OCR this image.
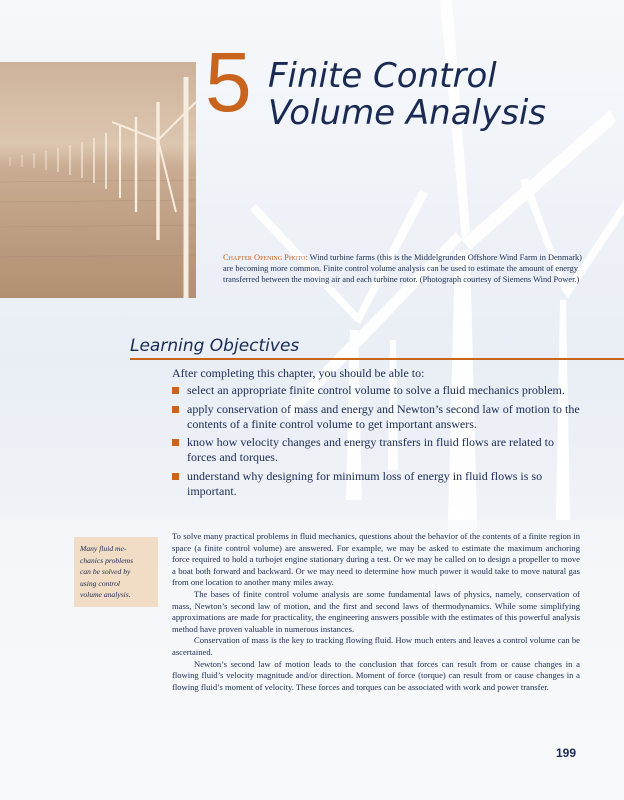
5 Finite Control
Volume Analysis
Chapter Opening Photo: Wind turbine farms (this is the Middelgrunden Offshore Wind Farm in Denmark) are becoming more common. Finite control volume analysis can be used to estimate the amount of energy transferred between the moving air and each turbine rotor. (Photograph courtesy of Siemens Wind Power.)
Learning Objectives
After completing this chapter, you should be able to:
select an appropriate finite control volume to solve a fluid mechanics problem.
apply conservation of mass and energy and Newton’s second law of motion to the contents of a finite control volume to get important answers.
know how velocity changes and energy transfers in fluid flows are related to forces and torques.
understand why designing for minimum loss of energy in fluid flows is so important.
Many fluid me-
chanics problems
can be solved by
using control
volume analysis.

To solve many practical problems in fluid mechanics, questions about the behavior of the contents of a finite region in space (a finite control volume) are answered. For example, we may be asked to estimate the maximum anchoring force required to hold a turbojet engine stationary during a test. Or we may be called on to design a propeller to move a boat both forward and backward. Or we may need to determine how much power it would take to move natural gas from one location to another many miles away.

The bases of finite control volume analysis are some fundamental laws of physics, namely, conservation of mass, Newton’s second law of motion, and the first and second laws of thermodynamics. While some simplifying approximations are made for practicality, the engineering answers possible with the estimates of this powerful analysis method have proven valuable in numerous instances.

Conservation of mass is the key to tracking flowing fluid. How much enters and leaves a control volume can be ascertained.

Newton’s second law of motion leads to the conclusion that forces can result from or cause changes in a flowing fluid’s velocity magnitude and/or direction. Moment of force (torque) can result from or cause changes in a flowing fluid’s moment of velocity. These forces and torques can be associated with work and power transfer.

199
